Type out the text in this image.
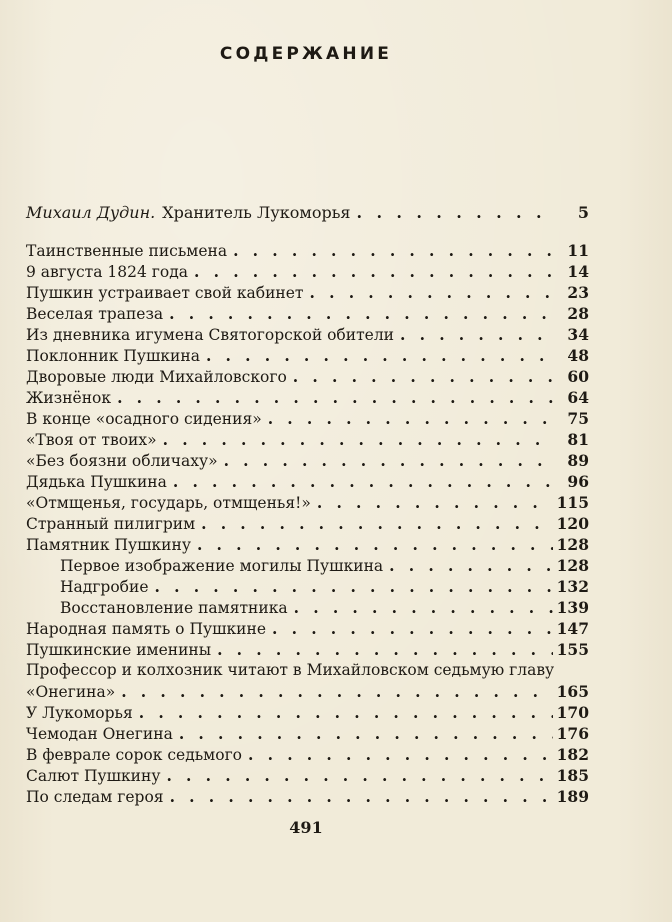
СОДЕРЖАНИЕ
Михаил Дудин. Хранитель Лукоморья . . .	5
Таинственные письмена . . .	11
9 августа 1824 года . . .	14
Пушкин устраивает свой кабинет . . .	23
Веселая трапеза . . .	28
Из дневника игумена Святогорской обители . . .	34
Поклонник Пушкина . . .	48
Дворовые люди Михайловского . . .	60
Жизнёнок . . .	64
В конце «осадного сидения» . . .	75
«Твоя от твоих» . . .	81
«Без боязни обличаху» . . .	89
Дядька Пушкина . . .	96
«Отмщенья, государь, отмщенья!» . . .	115
Странный пилигрим . . .	120
Памятник Пушкину . . .	128
Первое изображение могилы Пушкина . . .	128
Надгробие . . .	132
Восстановление памятника . . .	139
Народная память о Пушкине . . .	147
Пушкинские именины . . .	155
Профессор и колхозник читают в Михайловском седьмую главу
«Онегина» . . .	165
У Лукоморья . . .	170
Чемодан Онегина . . .	176
В феврале сорок седьмого . . .	182
Салют Пушкину . . .	185
По следам героя . . .	189
491
